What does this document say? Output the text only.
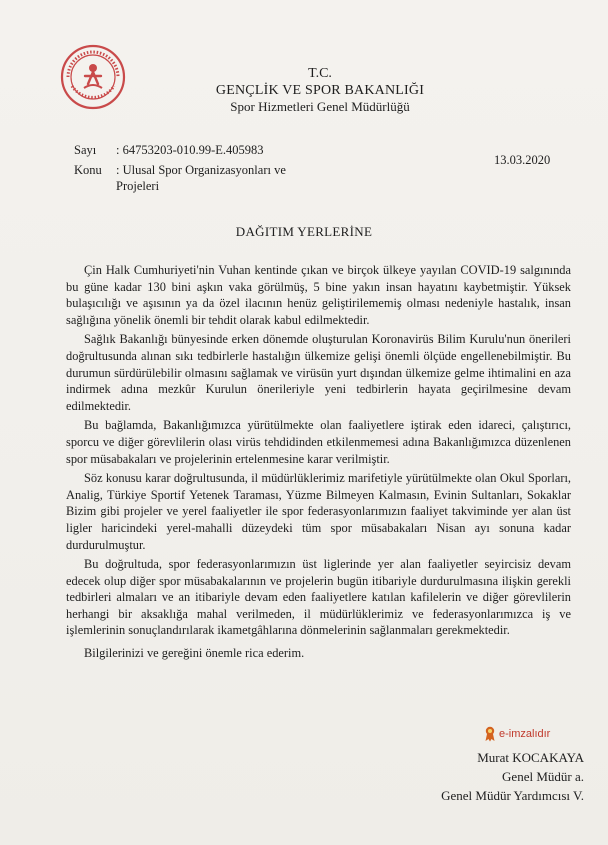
T.C.
GENÇLİK VE SPOR BAKANLIĞI
Spor Hizmetleri Genel Müdürlüğü
Sayı : 64753203-010.99-E.405983
Konu : Ulusal Spor Organizasyonları ve Projeleri
13.03.2020
DAĞITIM YERLERİNE

Çin Halk Cumhuriyeti'nin Vuhan kentinde çıkan ve birçok ülkeye yayılan COVID-19 salgınında bu güne kadar 130 bini aşkın vaka görülmüş, 5 bine yakın insan hayatını kaybetmiştir. Yüksek bulaşıcılığı ve aşısının ya da özel ilacının henüz geliştirilememiş olması nedeniyle hastalık, insan sağlığına yönelik önemli bir tehdit olarak kabul edilmektedir.

Sağlık Bakanlığı bünyesinde erken dönemde oluşturulan Koronavirüs Bilim Kurulu'nun önerileri doğrultusunda alınan sıkı tedbirlerle hastalığın ülkemize gelişi önemli ölçüde engellenebilmiştir. Bu durumun sürdürülebilir olmasını sağlamak ve virüsün yurt dışından ülkemize gelme ihtimalini en aza indirmek adına mezkûr Kurulun önerileriyle yeni tedbirlerin hayata geçirilmesine devam edilmektedir.

Bu bağlamda, Bakanlığımızca yürütülmekte olan faaliyetlere iştirak eden idareci, çalıştırıcı, sporcu ve diğer görevlilerin olası virüs tehdidinden etkilenmemesi adına Bakanlığımızca düzenlenen spor müsabakaları ve projelerinin ertelenmesine karar verilmiştir.

Söz konusu karar doğrultusunda, il müdürlüklerimiz marifetiyle yürütülmekte olan Okul Sporları, Analig, Türkiye Sportif Yetenek Taraması, Yüzme Bilmeyen Kalmasın, Evinin Sultanları, Sokaklar Bizim gibi projeler ve yerel faaliyetler ile spor federasyonlarımızın faaliyet takviminde yer alan üst ligler haricindeki yerel-mahalli düzeydeki tüm spor müsabakaları Nisan ayı sonuna kadar durdurulmuştur.

Bu doğrultuda, spor federasyonlarımızın üst liglerinde yer alan faaliyetler seyircisiz devam edecek olup diğer spor müsabakalarının ve projelerin bugün itibariyle durdurulmasına ilişkin gerekli tedbirleri almaları ve an itibariyle devam eden faaliyetlere katılan kafilelerin ve diğer görevlilerin herhangi bir aksaklığa mahal verilmeden, il müdürlüklerimiz ve federasyonlarımızca iş ve işlemlerinin sonuçlandırılarak ikametgâhlarına dönmelerinin sağlanmaları gerekmektedir.

Bilgilerinizi ve gereğini önemle rica ederim.

e-imzalıdır
Murat KOCAKAYA
Genel Müdür a.
Genel Müdür Yardımcısı V.
